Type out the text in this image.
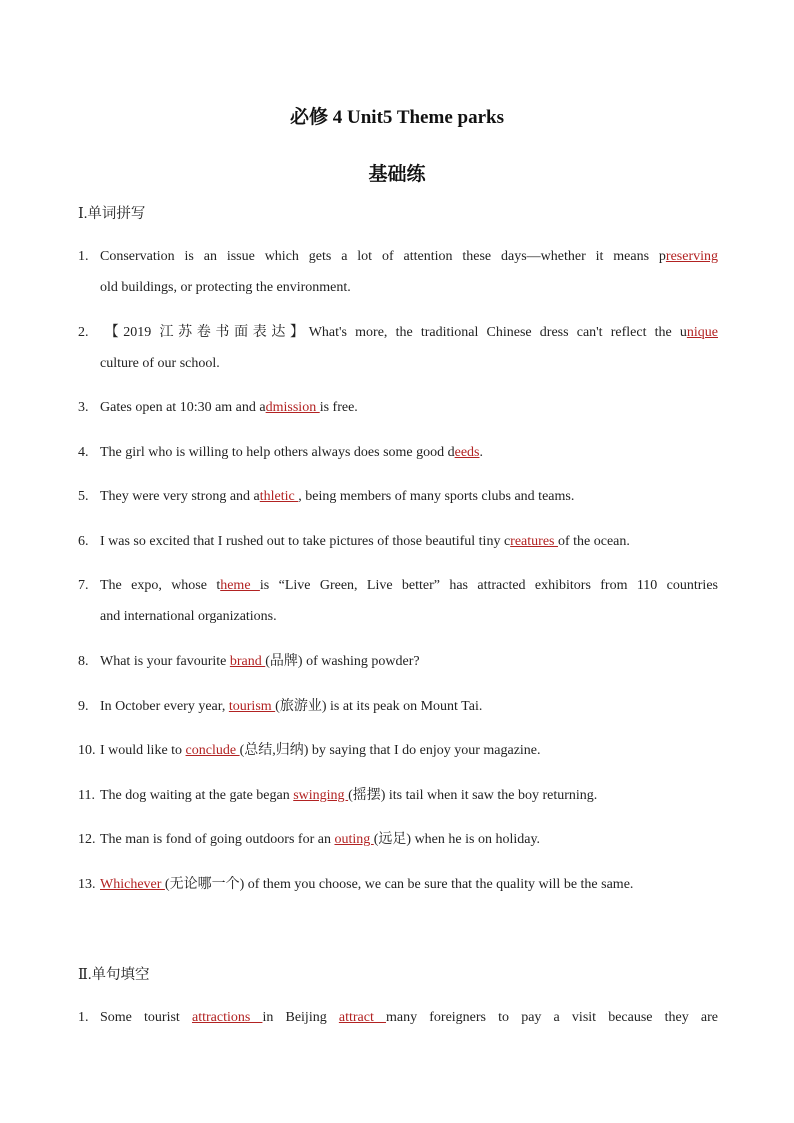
必修 4 Unit5 Theme parks
基础练
Ⅰ.单词拼写
1. Conservation is an issue which gets a lot of attention these days—whether it means preserving
old buildings, or protecting the environment.
2. 【2019 江苏卷书面表达】What's more, the traditional Chinese dress can't reflect the unique
culture of our school.
3. Gates open at 10:30 am and admission is free.
4. The girl who is willing to help others always does some good deeds.
5. They were very strong and athletic , being members of many sports clubs and teams.
6. I was so excited that I rushed out to take pictures of those beautiful tiny creatures of the ocean.
7. The expo, whose theme is “Live Green, Live better” has attracted exhibitors from 110 countries
and international organizations.
8. What is your favourite brand (品牌) of washing powder?
9. In October every year, tourism (旅游业) is at its peak on Mount Tai.
10. I would like to conclude (总结,归纳) by saying that I do enjoy your magazine.
11. The dog waiting at the gate began swinging (摇摆) its tail when it saw the boy returning.
12. The man is fond of going outdoors for an outing (远足) when he is on holiday.
13. Whichever (无论哪一个) of them you choose, we can be sure that the quality will be the same.
Ⅱ.单句填空
1. Some tourist attractions in Beijing attract many foreigners to pay a visit because they are
